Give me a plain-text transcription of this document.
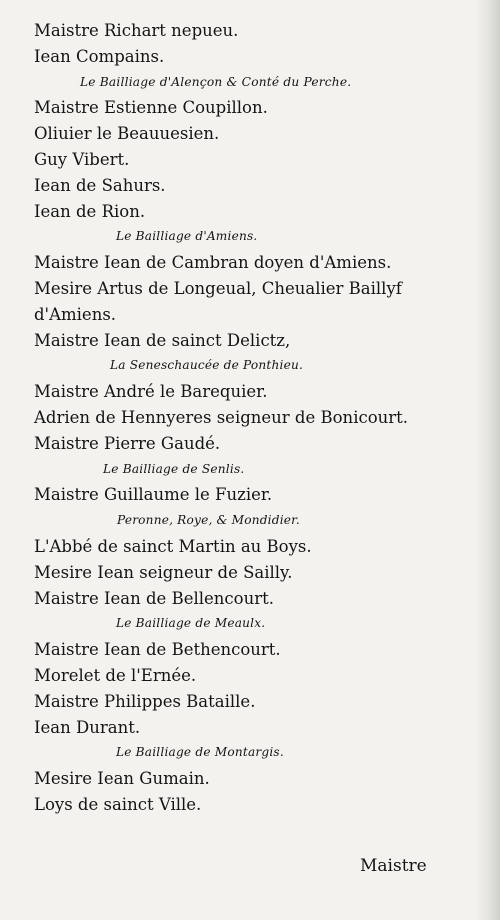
Maistre Richart nepueu.
Iean Compains.
Le Bailliage d'Alençon & Conté du Perche.
Maistre Estienne Coupillon.
Oliuier le Beauuesien.
Guy Vibert.
Iean de Sahurs.
Iean de Rion.
Le Bailliage d'Amiens.
Maistre Iean de Cambran doyen d'Amiens.
Mesire Artus de Longeual, Cheualier Baillyf
d'Amiens.
Maistre Iean de sainct Delictz,
La Seneschaucée de Ponthieu.
Maistre André le Barequier.
Adrien de Hennyeres seigneur de Bonicourt.
Maistre Pierre Gaudé.
Le Bailliage de Senlis.
Maistre Guillaume le Fuzier.
Peronne, Roye, & Mondidier.
L'Abbé de sainct Martin au Boys.
Mesire Iean seigneur de Sailly.
Maistre Iean de Bellencourt.
Le Bailliage de Meaulx.
Maistre Iean de Bethencourt.
Morelet de l'Ernée.
Maistre Philippes Bataille.
Iean Durant.
Le Bailliage de Montargis.
Mesire Iean Gumain.
Loys de sainct Ville.
Maistre
